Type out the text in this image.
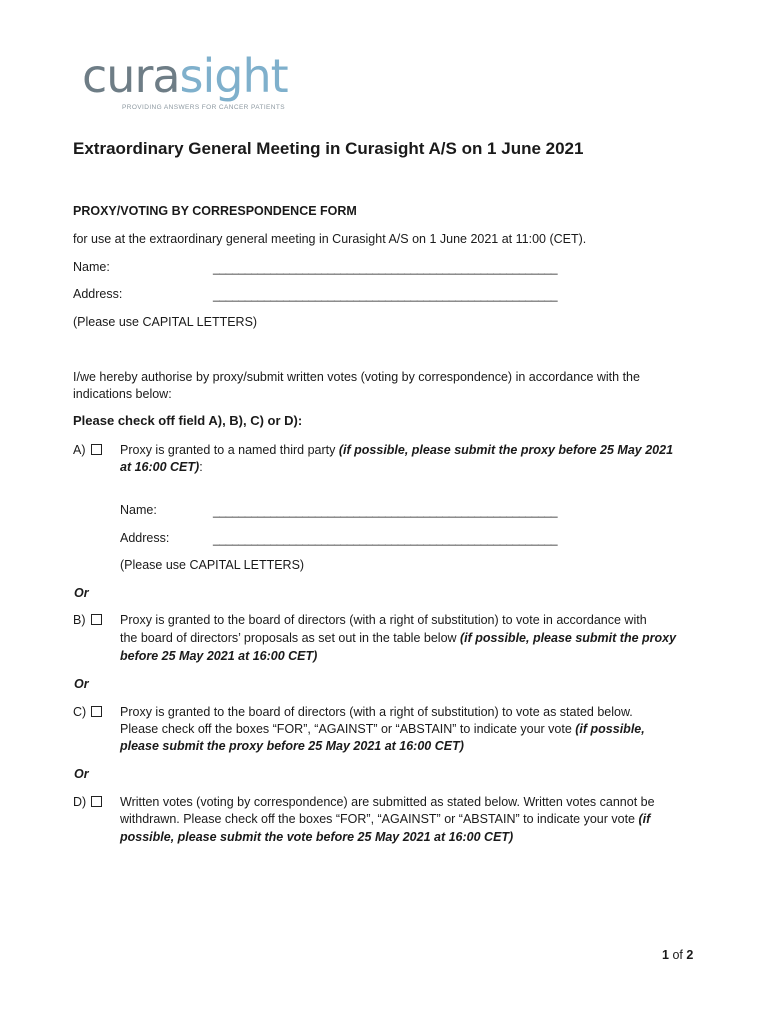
curasight
PROVIDING ANSWERS FOR CANCER PATIENTS
Extraordinary General Meeting in Curasight A/S on 1 June 2021
PROXY/VOTING BY CORRESPONDENCE FORM
for use at the extraordinary general meeting in Curasight A/S on 1 June 2021 at 11:00 (CET).
Name:	______________________________________________________
Address:	______________________________________________________
(Please use CAPITAL LETTERS)
I/we hereby authorise by proxy/submit written votes (voting by correspondence) in accordance with the
indications below:
Please check off field A), B), C) or D):
A)	Proxy is granted to a named third party (if possible, please submit the proxy before 25 May 2021
at 16:00 CET):
Name:	______________________________________________________
Address:	______________________________________________________
(Please use CAPITAL LETTERS)
Or
B)	Proxy is granted to the board of directors (with a right of substitution) to vote in accordance with
the board of directors’ proposals as set out in the table below (if possible, please submit the proxy
before 25 May 2021 at 16:00 CET)
Or
C)	Proxy is granted to the board of directors (with a right of substitution) to vote as stated below.
Please check off the boxes “FOR”, “AGAINST” or “ABSTAIN” to indicate your vote (if possible,
please submit the proxy before 25 May 2021 at 16:00 CET)
Or
D)	Written votes (voting by correspondence) are submitted as stated below. Written votes cannot be
withdrawn. Please check off the boxes “FOR”, “AGAINST” or “ABSTAIN” to indicate your vote (if
possible, please submit the vote before 25 May 2021 at 16:00 CET)
1 of 2
